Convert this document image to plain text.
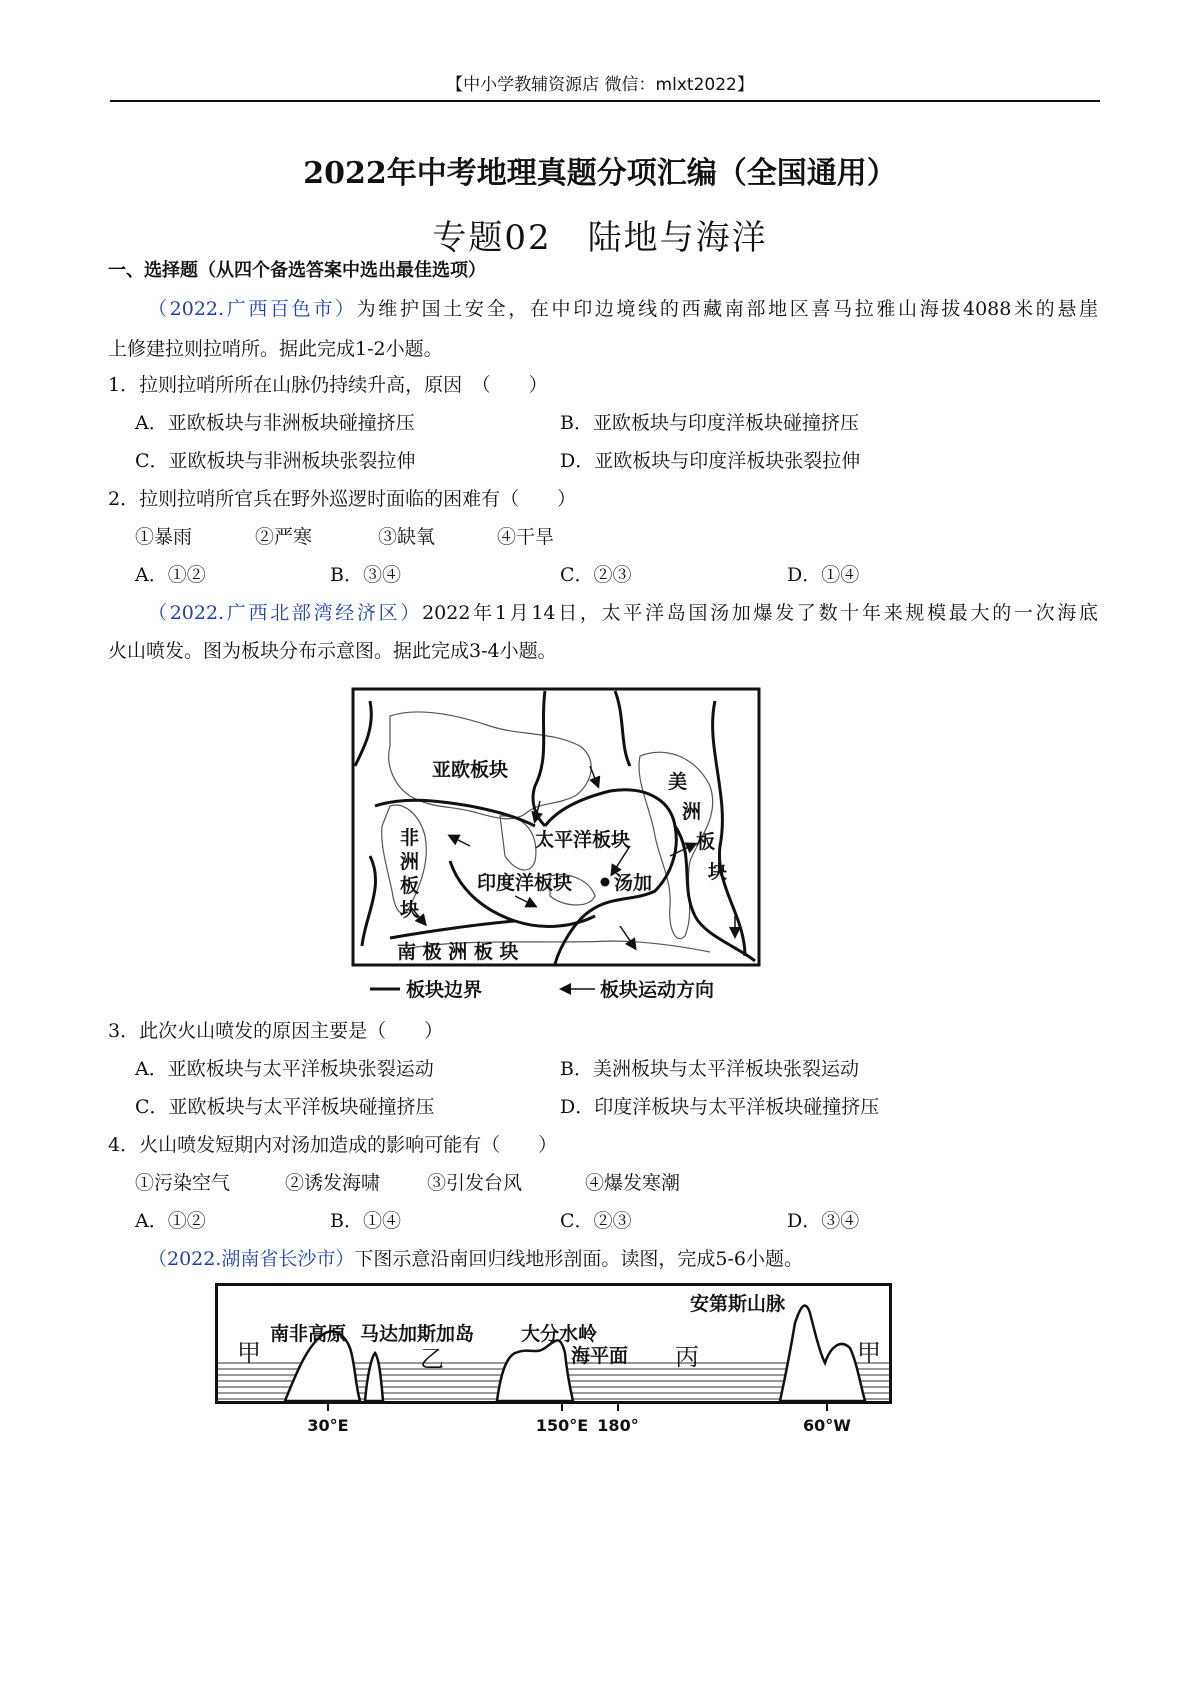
【中小学教辅资源店 微信：mlxt2022】
2022年中考地理真题分项汇编（全国通用）
专题02　陆地与海洋
一、选择题（从四个备选答案中选出最佳选项）
（2022.广西百色市）为维护国土安全，在中印边境线的西藏南部地区喜马拉雅山海拔4088米的悬崖
上修建拉则拉哨所。据此完成1-2小题。
1．拉则拉哨所所在山脉仍持续升高，原因　（　　）
A．亚欧板块与非洲板块碰撞挤压	B．亚欧板块与印度洋板块碰撞挤压
C．亚欧板块与非洲板块张裂拉伸	D．亚欧板块与印度洋板块张裂拉伸
2．拉则拉哨所官兵在野外巡逻时面临的困难有（　　）
①暴雨	②严寒	③缺氧	④干旱
A．①②	B．③④	C．②③	D．①④
（2022.广西北部湾经济区）2022年1月14日，太平洋岛国汤加爆发了数十年来规模最大的一次海底
火山喷发。图为板块分布示意图。据此完成3-4小题。
亚欧板块
美
洲
板
块
非
洲
板
块
太平洋板块
印度洋板块 汤加
南 极 洲 板 块
板块边界	板块运动方向
3．此次火山喷发的原因主要是（　　）
A．亚欧板块与太平洋板块张裂运动	B．美洲板块与太平洋板块张裂运动
C．亚欧板块与太平洋板块碰撞挤压	D．印度洋板块与太平洋板块碰撞挤压
4．火山喷发短期内对汤加造成的影响可能有（　　）
①污染空气	②诱发海啸 ③引发台风	④爆发寒潮
A．①②	B．①④	C．②③	D．③④
（2022.湖南省长沙市）下图示意沿南回归线地形剖面。读图，完成5-6小题。
甲
南非高原 马达加斯加岛
乙
大分水岭
海平面 丙
安第斯山脉
甲
30°E	150°E 180°	60°W
